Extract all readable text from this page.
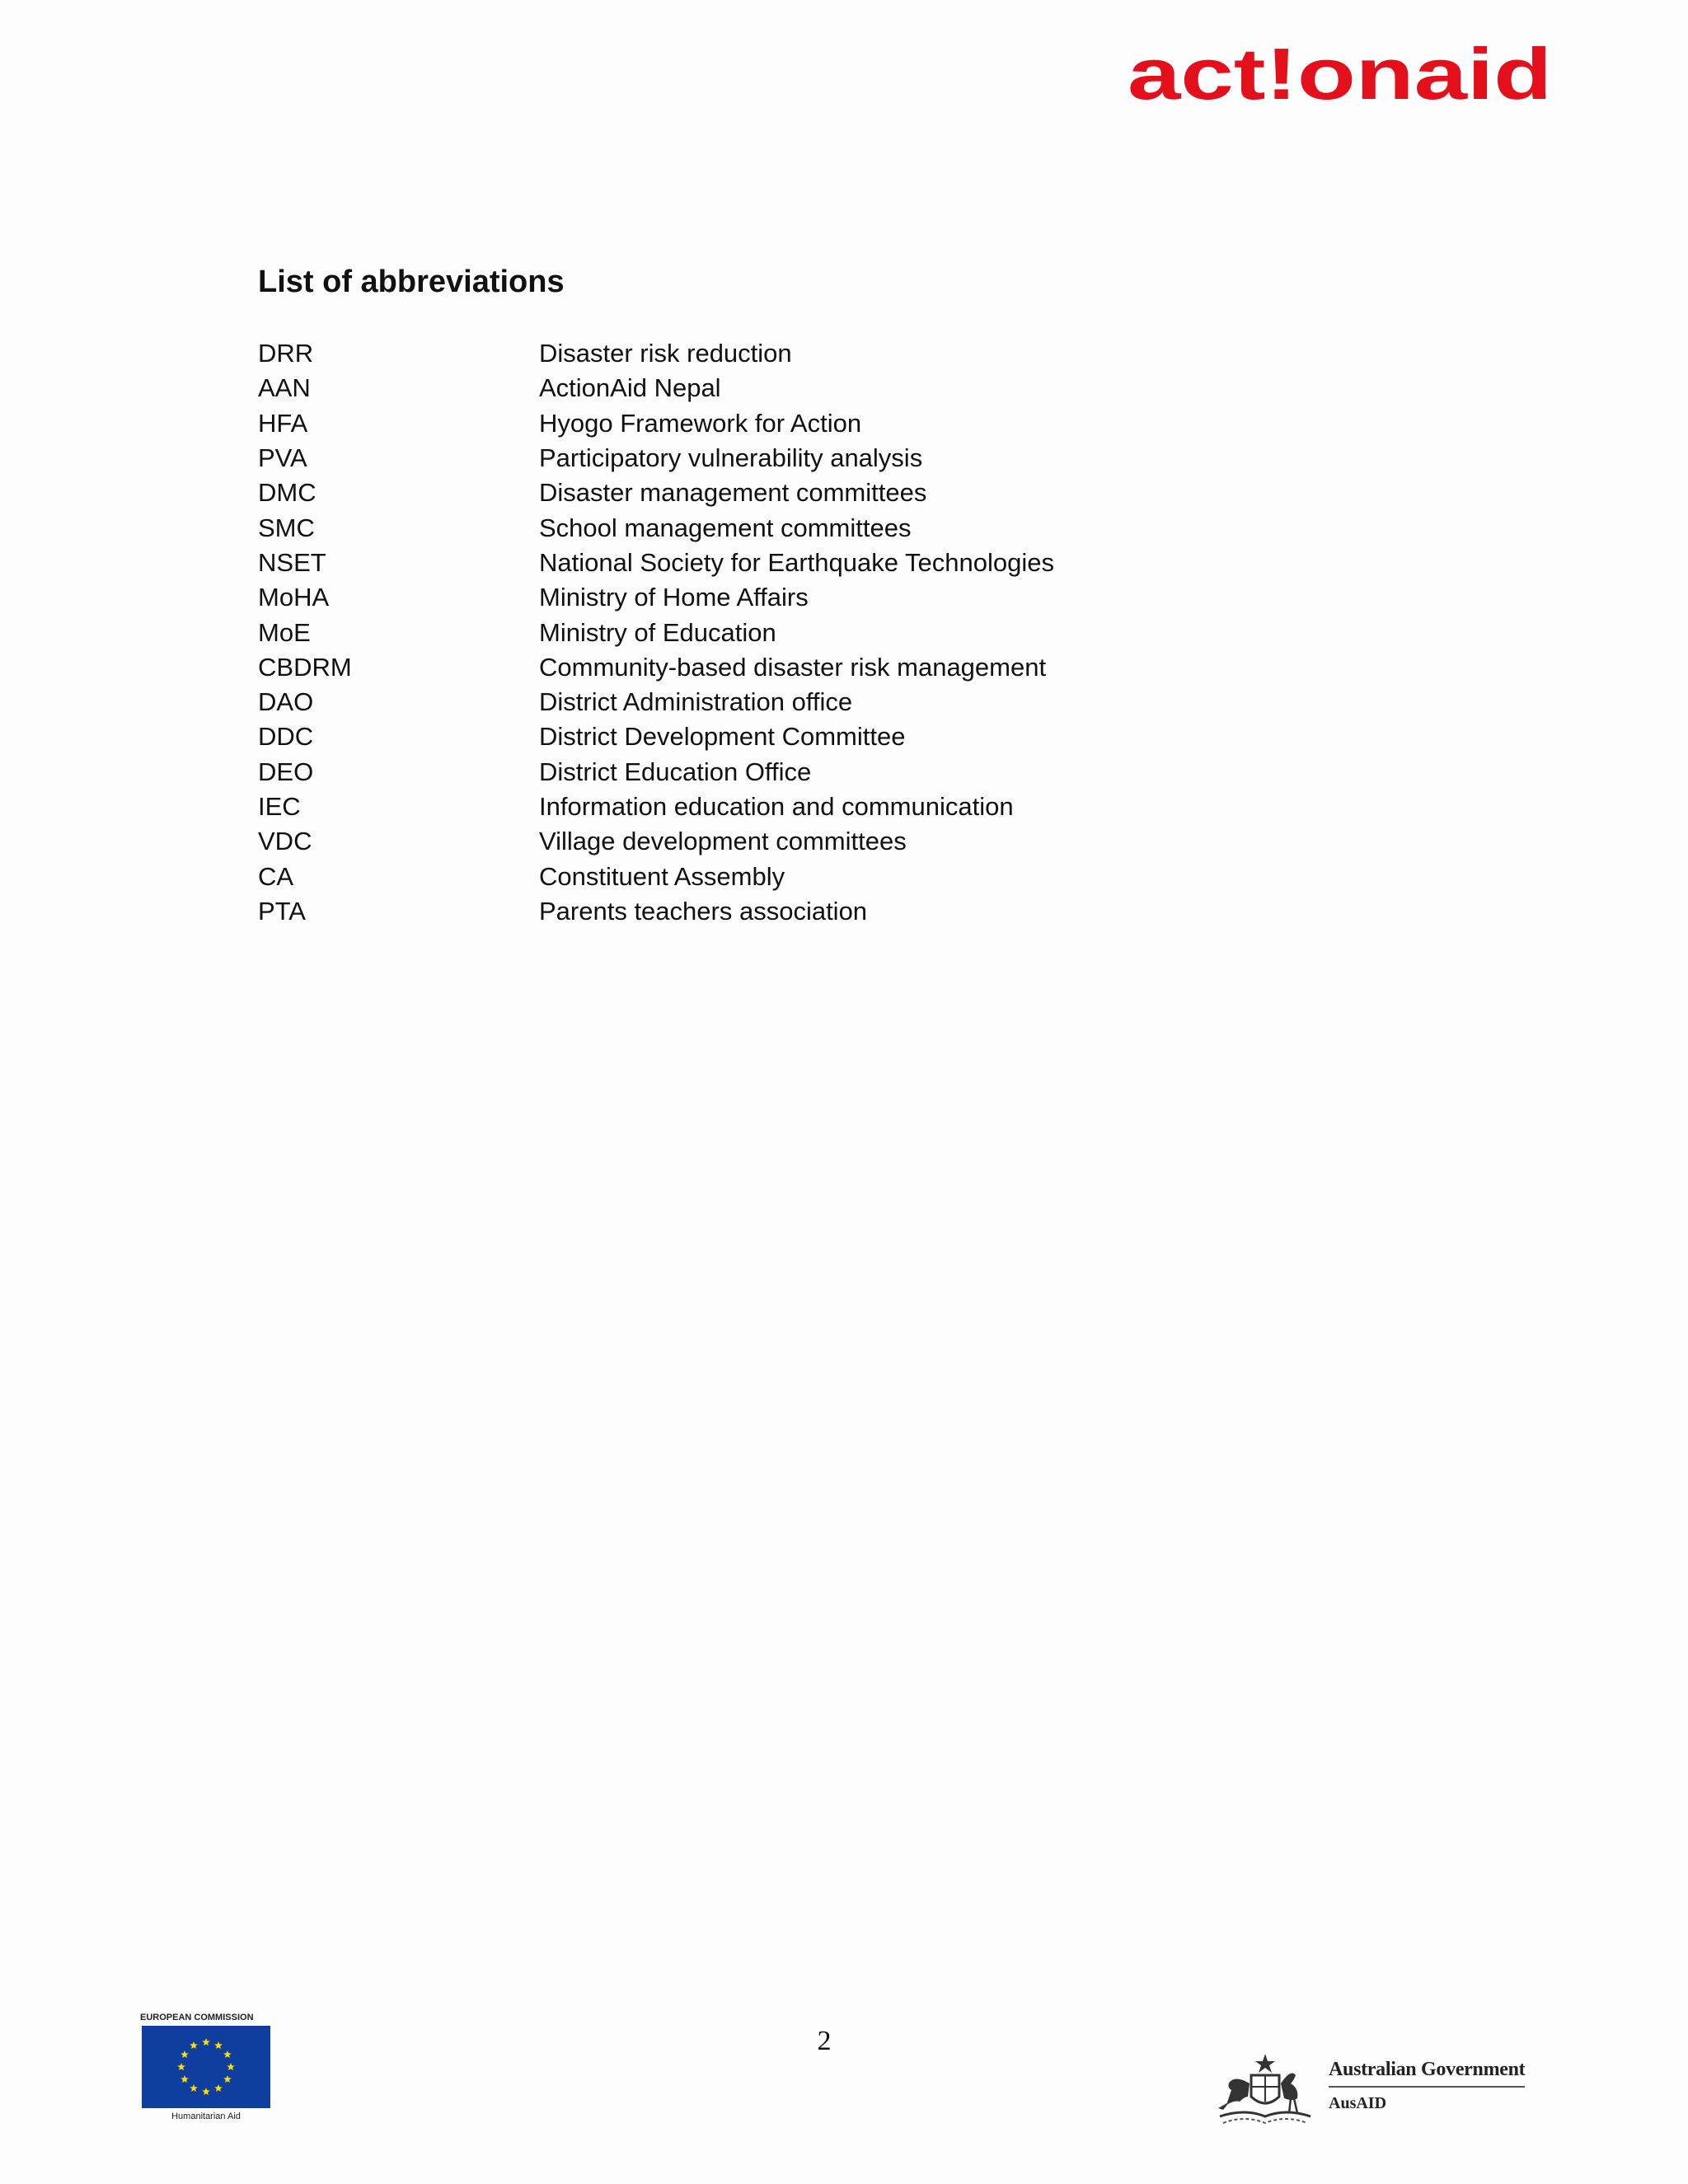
act!onaid
List of abbreviations
DRR	Disaster risk reduction
AAN	ActionAid Nepal
HFA	Hyogo Framework for Action
PVA	Participatory vulnerability analysis
DMC	Disaster management committees
SMC	School management committees
NSET	National Society for Earthquake Technologies
MoHA	Ministry of Home Affairs
MoE	Ministry of Education
CBDRM	Community-based disaster risk management
DAO	District Administration office
DDC	District Development Committee
DEO	District Education Office
IEC	Information education and communication
VDC	Village development committees
CA	Constituent Assembly
PTA	Parents teachers association
2
EUROPEAN COMMISSION
Humanitarian Aid
Australian Government
AusAID
